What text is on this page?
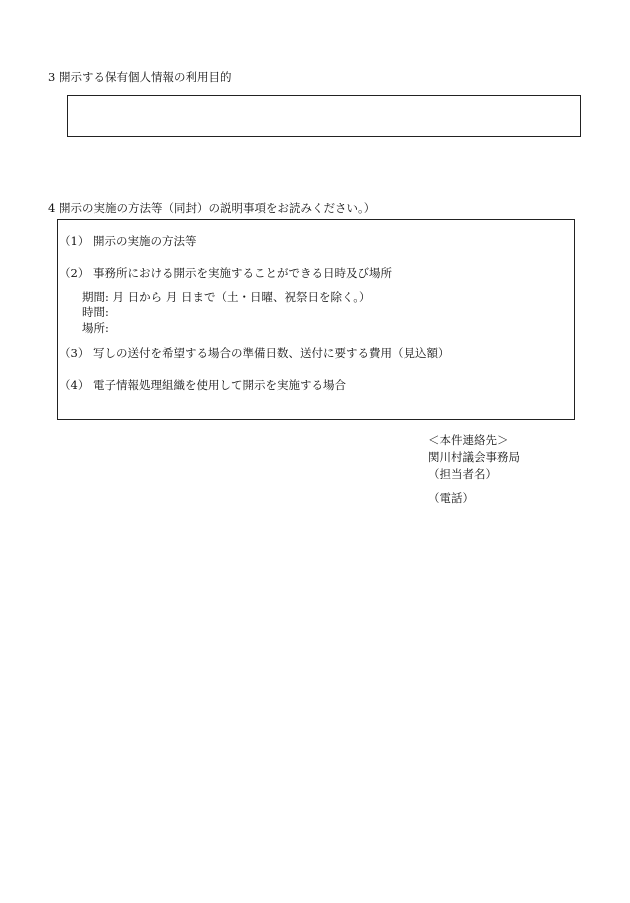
3 開示する保有個人情報の利用目的
4 開示の実施の方法等（同封）の説明事項をお読みください。）
（1） 開示の実施の方法等
（2） 事務所における開示を実施することができる日時及び場所
期間: 月 日から 月 日まで（土・日曜、祝祭日を除く。）
時間:
場所:
（3） 写しの送付を希望する場合の準備日数、送付に要する費用（見込額）
（4） 電子情報処理組織を使用して開示を実施する場合
＜本件連絡先＞
関川村議会事務局
（担当者名）
（電話）
